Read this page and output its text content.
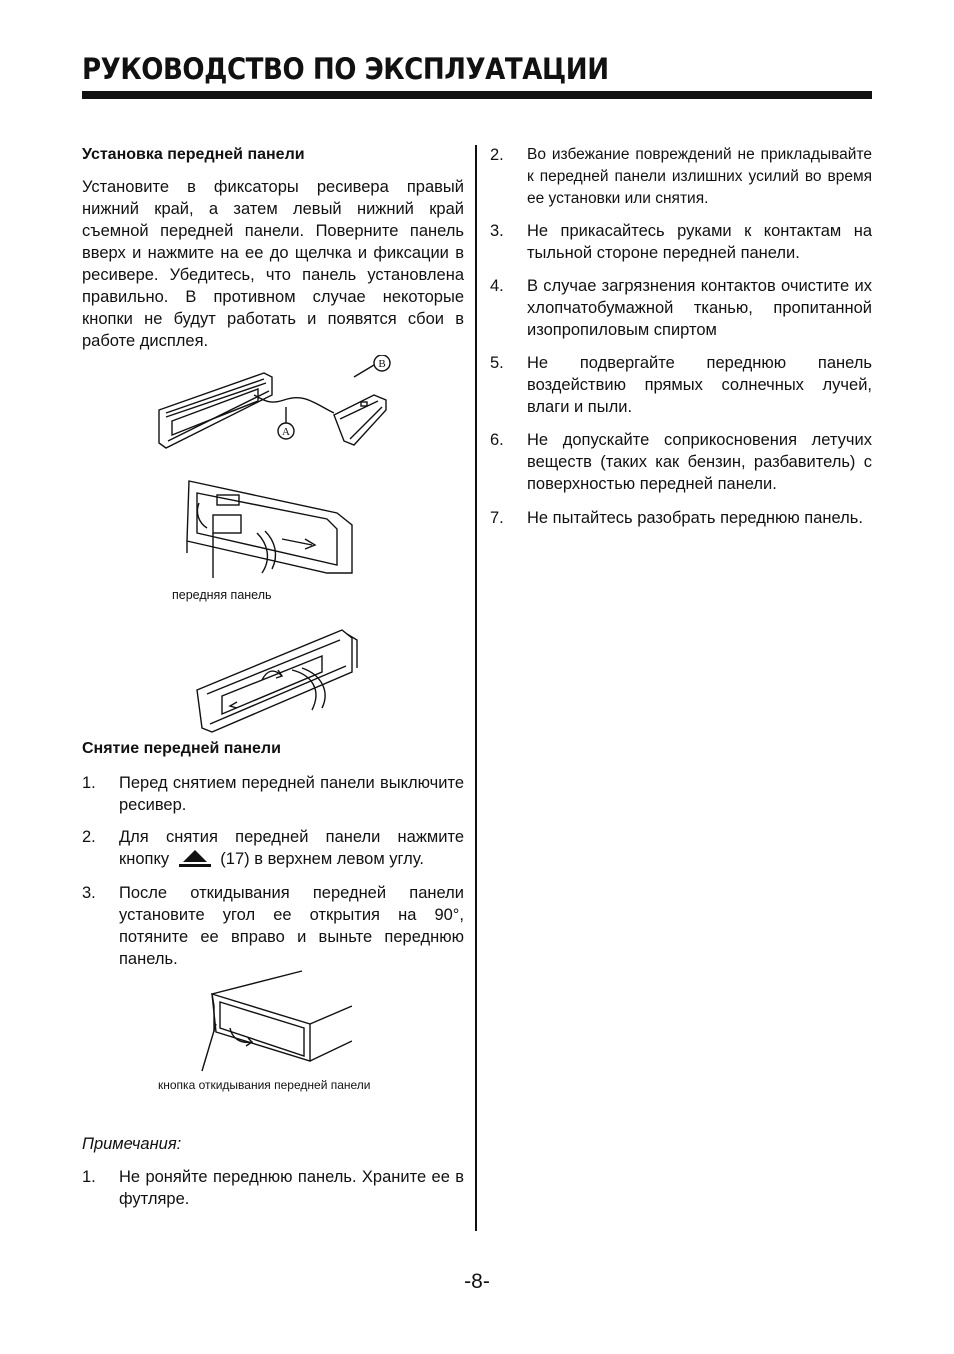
РУКОВОДСТВО ПО ЭКСПЛУАТАЦИИ
Установка передней панели

Установите в фиксаторы ресивера правый нижний край, а затем левый нижний край съемной передней панели. Поверните панель вверх и нажмите на ее до щелчка и фиксации в ресивере. Убедитесь, что панель установлена правильно. В противном случае некоторые кнопки не будут работать и появятся сбои в работе дисплея.

B
A
передняя панель
Снятие передней панели
1. Перед снятием передней панели выключите ресивер.

2. Для снятия передней панели нажмите кнопку	(17) в верхнем левом углу.

3. После откидывания передней панели установите угол ее открытия на 90°, потяните ее вправо и выньте переднюю панель.

кнопка откидывания передней панели

Примечания:

1. Не роняйте переднюю панель. Храните ее в футляре.

2. Во избежание повреждений не прикладывайте к передней панели излишних усилий во время ее установки или снятия.

3. Не прикасайтесь руками к контактам на тыльной стороне передней панели.

4. В случае загрязнения контактов очистите их хлопчатобумажной тканью, пропитанной изопропиловым спиртом

5. Не подвергайте переднюю панель воздействию прямых солнечных лучей, влаги и пыли.

6. Не допускайте соприкосновения летучих веществ (таких как бензин, разбавитель) с поверхностью передней панели.

7. Не пытайтесь разобрать переднюю панель.

-8-
